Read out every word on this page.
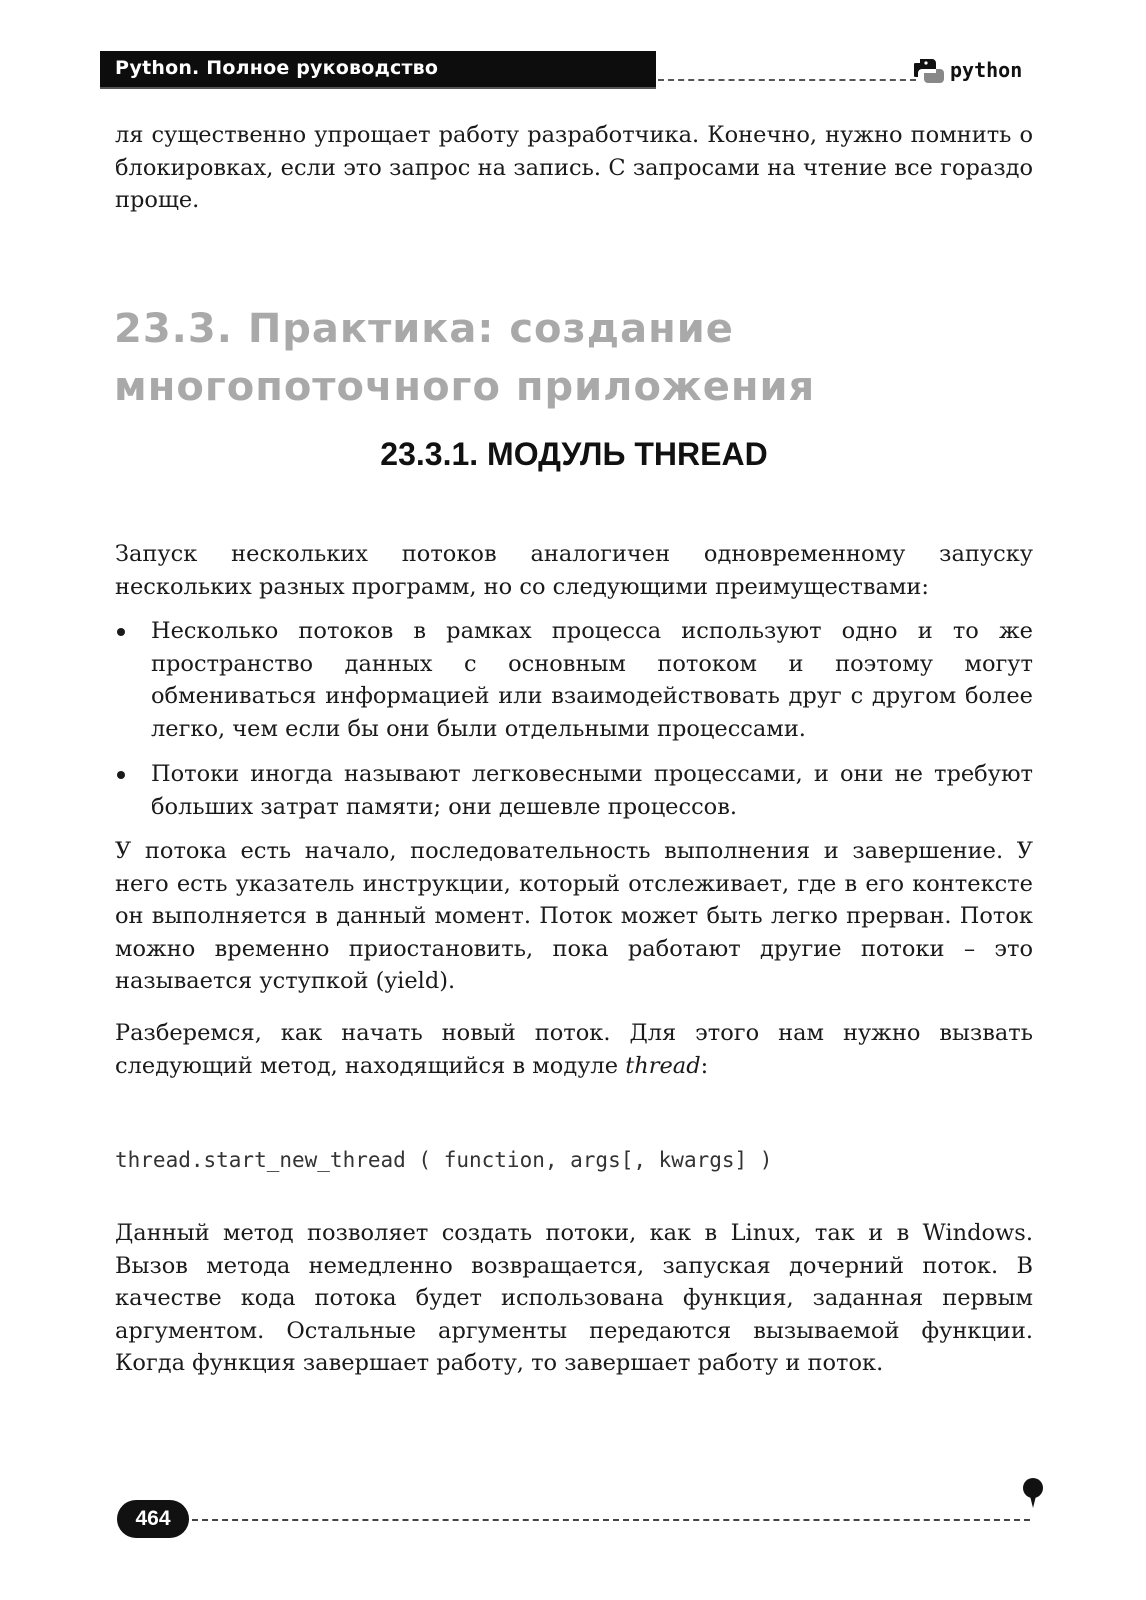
Python. Полное руководство	python

ля существенно упрощает работу разработчика. Конечно, нужно помнить о блокировках, если это запрос на запись. С запросами на чтение все гораздо проще.

23.3. Практика: создание
многопоточного приложения
23.3.1. МОДУЛЬ THREAD

Запуск нескольких потоков аналогичен одновременному запуску нескольких разных программ, но со следующими преимуществами:

Несколько потоков в рамках процесса используют одно и то же пространство данных с основным потоком и поэтому могут обмениваться информацией или взаимодействовать друг с другом более легко, чем если бы они были отдельными процессами.
Потоки иногда называют легковесными процессами, и они не требуют больших затрат памяти; они дешевле процессов.

У потока есть начало, последовательность выполнения и завершение. У него есть указатель инструкции, который отслеживает, где в его контексте он выполняется в данный момент. Поток может быть легко прерван. Поток можно временно приостановить, пока работают другие потоки – это называется уступкой (yield).

Разберемся, как начать новый поток. Для этого нам нужно вызвать следующий метод, находящийся в модуле thread:

thread.start_new_thread ( function, args[, kwargs] )

Данный метод позволяет создать потоки, как в Linux, так и в Windows. Вызов метода немедленно возвращается, запуская дочерний поток. В качестве кода потока будет использована функция, заданная первым аргументом. Остальные аргументы передаются вызываемой функции. Когда функция завершает работу, то завершает работу и поток.

464
